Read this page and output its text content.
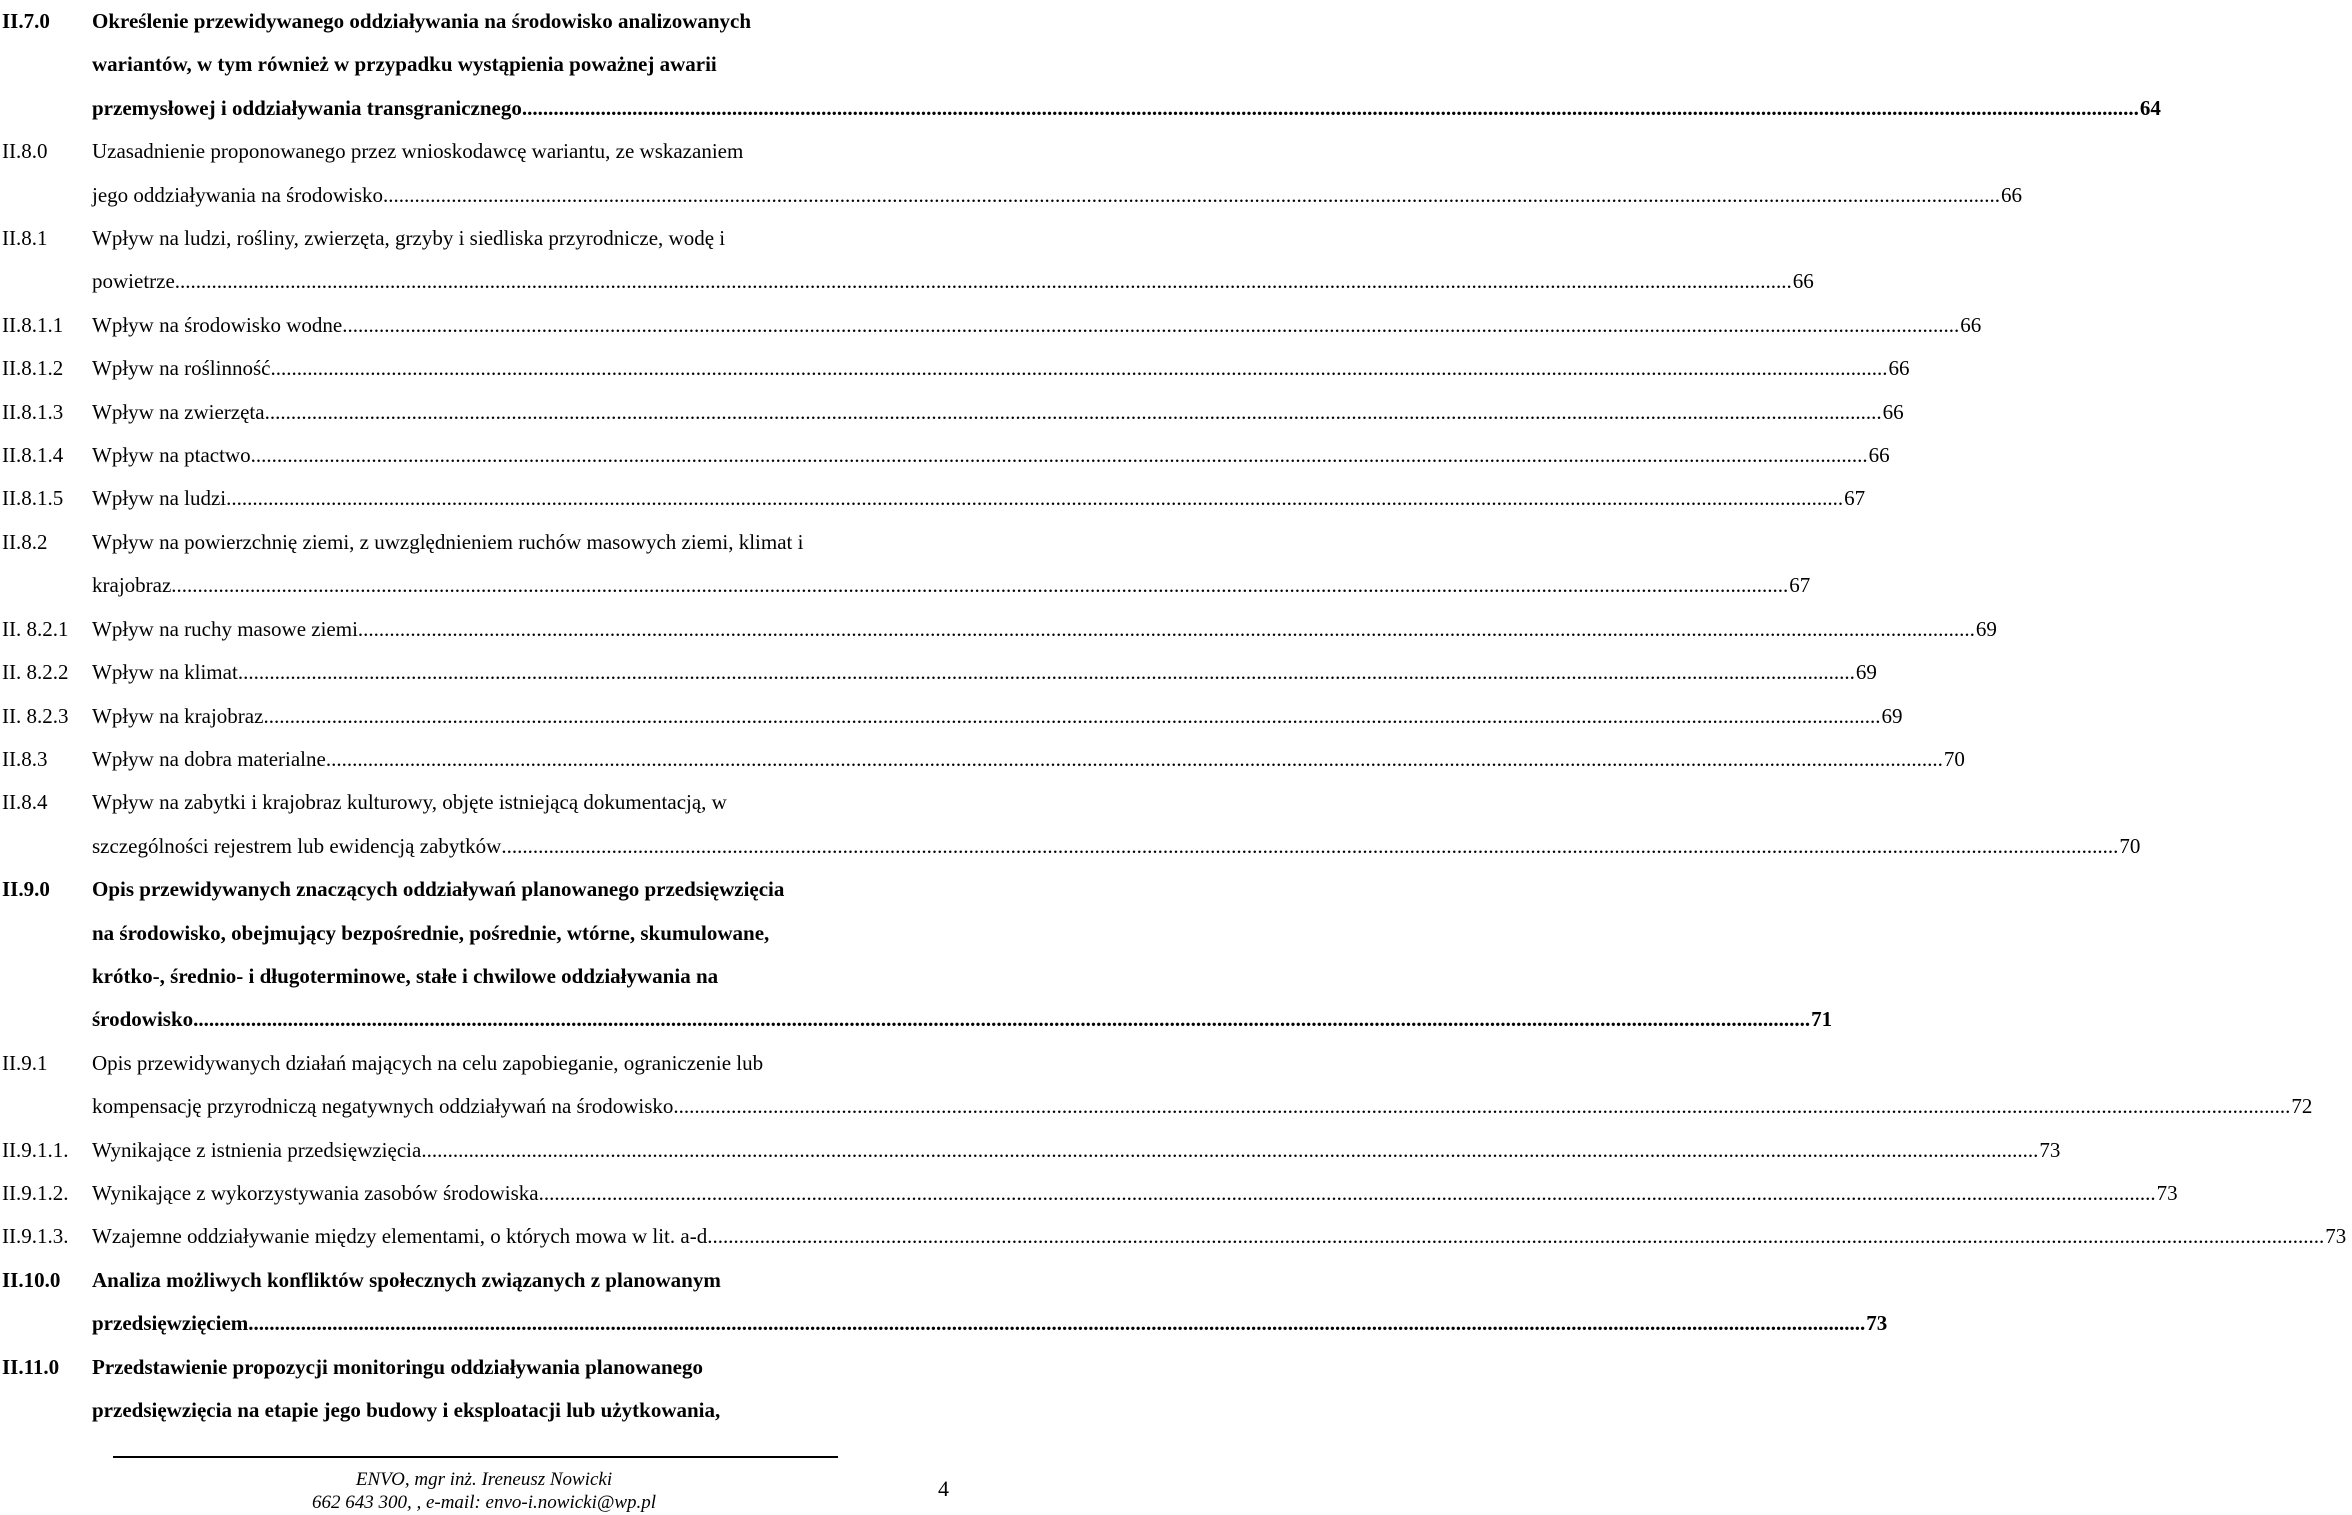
II.7.0	Określenie przewidywanego oddziaływania na środowisko analizowanych
wariantów, w tym również w przypadku wystąpienia poważnej awarii
przemysłowej i oddziaływania transgranicznego .....	64
II.8.0	Uzasadnienie proponowanego przez wnioskodawcę wariantu, ze wskazaniem
jego oddziaływania na środowisko .....	66
II.8.1	Wpływ na ludzi, rośliny, zwierzęta, grzyby i siedliska przyrodnicze, wodę i
powietrze .....	66
II.8.1.1	Wpływ na środowisko wodne .....	66
II.8.1.2	Wpływ na roślinność .....	66
II.8.1.3	Wpływ na zwierzęta .....	66
II.8.1.4	Wpływ na ptactwo .....	66
II.8.1.5	Wpływ na ludzi .....	67
II.8.2	Wpływ na powierzchnię ziemi, z uwzględnieniem ruchów masowych ziemi, klimat i
krajobraz .....	67
II. 8.2.1	Wpływ na ruchy masowe ziemi .....	69
II. 8.2.2	Wpływ na klimat .....	69
II. 8.2.3	Wpływ na krajobraz .....	69
II.8.3	Wpływ na dobra materialne .....	70
II.8.4	Wpływ na zabytki i krajobraz kulturowy, objęte istniejącą dokumentacją, w
szczególności rejestrem lub ewidencją zabytków .....	70
II.9.0	Opis przewidywanych znaczących oddziaływań planowanego przedsięwzięcia
na środowisko, obejmujący bezpośrednie, pośrednie, wtórne, skumulowane,
krótko-, średnio- i długoterminowe, stałe i chwilowe oddziaływania na
środowisko .....	71
II.9.1	Opis przewidywanych działań mających na celu zapobieganie, ograniczenie lub
kompensację przyrodniczą negatywnych oddziaływań na środowisko .....	72
II.9.1.1.	Wynikające z istnienia przedsięwzięcia .....	73
II.9.1.2.	Wynikające z wykorzystywania zasobów środowiska .....	73
II.9.1.3.	Wzajemne oddziaływanie między elementami, o których mowa w lit. a-d .....	73
II.10.0	Analiza możliwych konfliktów społecznych związanych z planowanym
przedsięwzięciem .....	73
II.11.0	Przedstawienie propozycji monitoringu oddziaływania planowanego
przedsięwzięcia na etapie jego budowy i eksploatacji lub użytkowania,
ENVO, mgr inż. Ireneusz Nowicki
662 643 300, , e-mail: envo-i.nowicki@wp.pl
4
